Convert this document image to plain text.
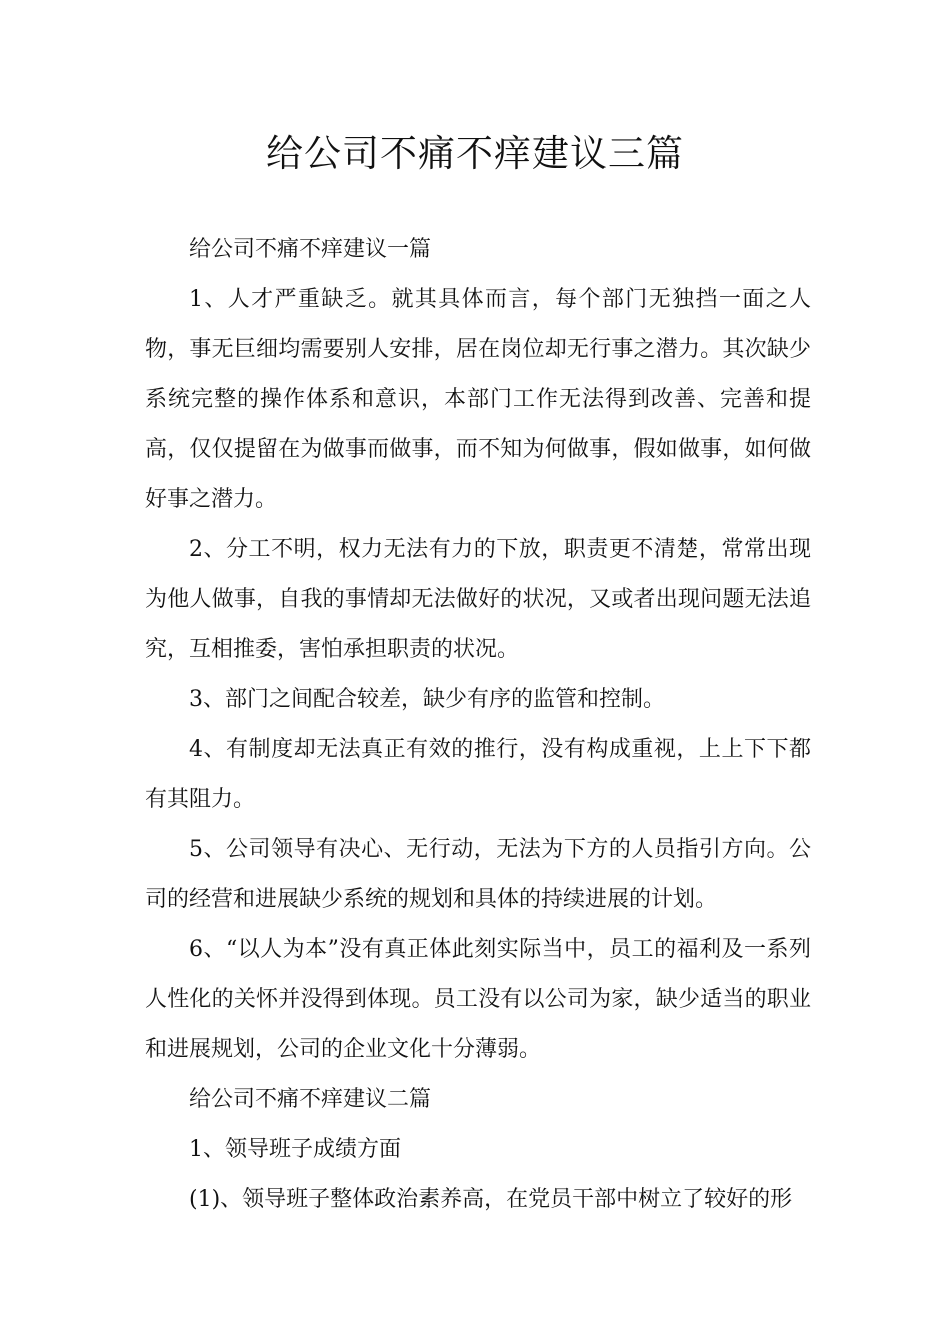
给公司不痛不痒建议三篇

给公司不痛不痒建议一篇

1、人才严重缺乏。就其具体而言，每个部门无独挡一面之人物，事无巨细均需要别人安排，居在岗位却无行事之潜力。其次缺少系统完整的操作体系和意识，本部门工作无法得到改善、完善和提高，仅仅提留在为做事而做事，而不知为何做事，假如做事，如何做好事之潜力。

2、分工不明，权力无法有力的下放，职责更不清楚，常常出现为他人做事，自我的事情却无法做好的状况，又或者出现问题无法追究，互相推委，害怕承担职责的状况。

3、部门之间配合较差，缺少有序的监管和控制。

4、有制度却无法真正有效的推行，没有构成重视，上上下下都有其阻力。

5、公司领导有决心、无行动，无法为下方的人员指引方向。公司的经营和进展缺少系统的规划和具体的持续进展的计划。

6、“以人为本”没有真正体此刻实际当中，员工的福利及一系列人性化的关怀并没得到体现。员工没有以公司为家，缺少适当的职业和进展规划，公司的企业文化十分薄弱。

给公司不痛不痒建议二篇

1、领导班子成绩方面

(1)、领导班子整体政治素养高，在党员干部中树立了较好的形
